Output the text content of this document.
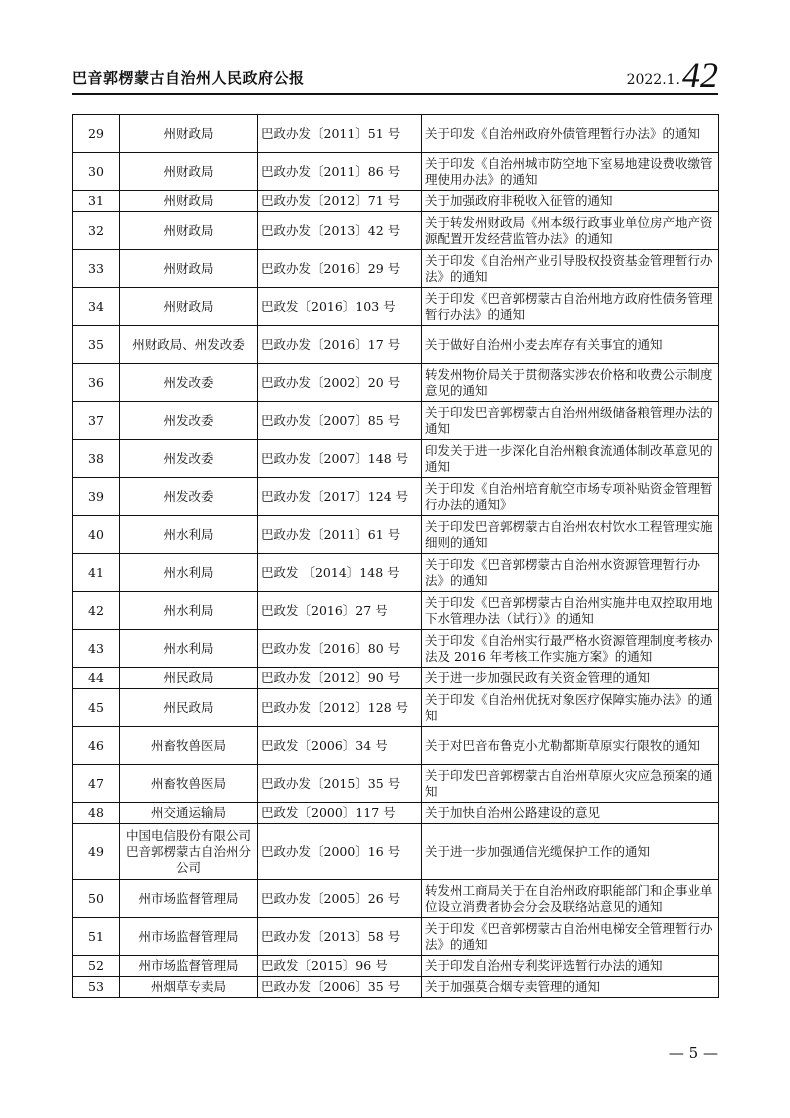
巴音郭楞蒙古自治州人民政府公报	2022.1. 42
29	州财政局	巴政办发〔2011〕51 号	关于印发《自治州政府外债管理暂行办法》的通知
30	州财政局	巴政办发〔2011〕86 号	关于印发《自治州城市防空地下室易地建设费收缴管理使用办法》的通知
31	州财政局	巴政办发〔2012〕71 号	关于加强政府非税收入征管的通知
32	州财政局	巴政办发〔2013〕42 号	关于转发州财政局《州本级行政事业单位房产地产资源配置开发经营监管办法》的通知
33	州财政局	巴政办发〔2016〕29 号	关于印发《自治州产业引导股权投资基金管理暂行办法》的通知
34	州财政局	巴政发〔2016〕103 号	关于印发《巴音郭楞蒙古自治州地方政府性债务管理暂行办法》的通知
35	州财政局、州发改委	巴政办发〔2016〕17 号	关于做好自治州小麦去库存有关事宜的通知
36	州发改委	巴政办发〔2002〕20 号	转发州物价局关于贯彻落实涉农价格和收费公示制度意见的通知
37	州发改委	巴政办发〔2007〕85 号	关于印发巴音郭楞蒙古自治州州级储备粮管理办法的通知
38	州发改委	巴政办发〔2007〕148 号	印发关于进一步深化自治州粮食流通体制改革意见的通知
39	州发改委	巴政办发〔2017〕124 号	关于印发《自治州培育航空市场专项补贴资金管理暂行办法的通知》
40	州水利局	巴政办发〔2011〕61 号	关于印发巴音郭楞蒙古自治州农村饮水工程管理实施细则的通知
41	州水利局	巴政发 〔2014〕148 号	关于印发《巴音郭楞蒙古自治州水资源管理暂行办法》的通知
42	州水利局	巴政发〔2016〕27 号	关于印发《巴音郭楞蒙古自治州实施井电双控取用地下水管理办法（试行）》的通知
43	州水利局	巴政办发〔2016〕80 号	关于印发《自治州实行最严格水资源管理制度考核办法及 2016 年考核工作实施方案》的通知
44	州民政局	巴政办发〔2012〕90 号	关于进一步加强民政有关资金管理的通知
45	州民政局	巴政办发〔2012〕128 号	关于印发《自治州优抚对象医疗保障实施办法》的通知
46	州畜牧兽医局	巴政发〔2006〕34 号	关于对巴音布鲁克小尤勒都斯草原实行限牧的通知
47	州畜牧兽医局	巴政办发〔2015〕35 号	关于印发巴音郭楞蒙古自治州草原火灾应急预案的通知
48	州交通运输局	巴政发〔2000〕117 号	关于加快自治州公路建设的意见
49	中国电信股份有限公司巴音郭楞蒙古自治州分公司	巴政办发〔2000〕16 号	关于进一步加强通信光缆保护工作的通知
50	州市场监督管理局	巴政办发〔2005〕26 号	转发州工商局关于在自治州政府职能部门和企事业单位设立消费者协会分会及联络站意见的通知
51	州市场监督管理局	巴政办发〔2013〕58 号	关于印发《巴音郭楞蒙古自治州电梯安全管理暂行办法》的通知
52	州市场监督管理局	巴政发〔2015〕96 号	关于印发自治州专利奖评选暂行办法的通知
53	州烟草专卖局	巴政办发〔2006〕35 号	关于加强莫合烟专卖管理的通知
— 5 —
